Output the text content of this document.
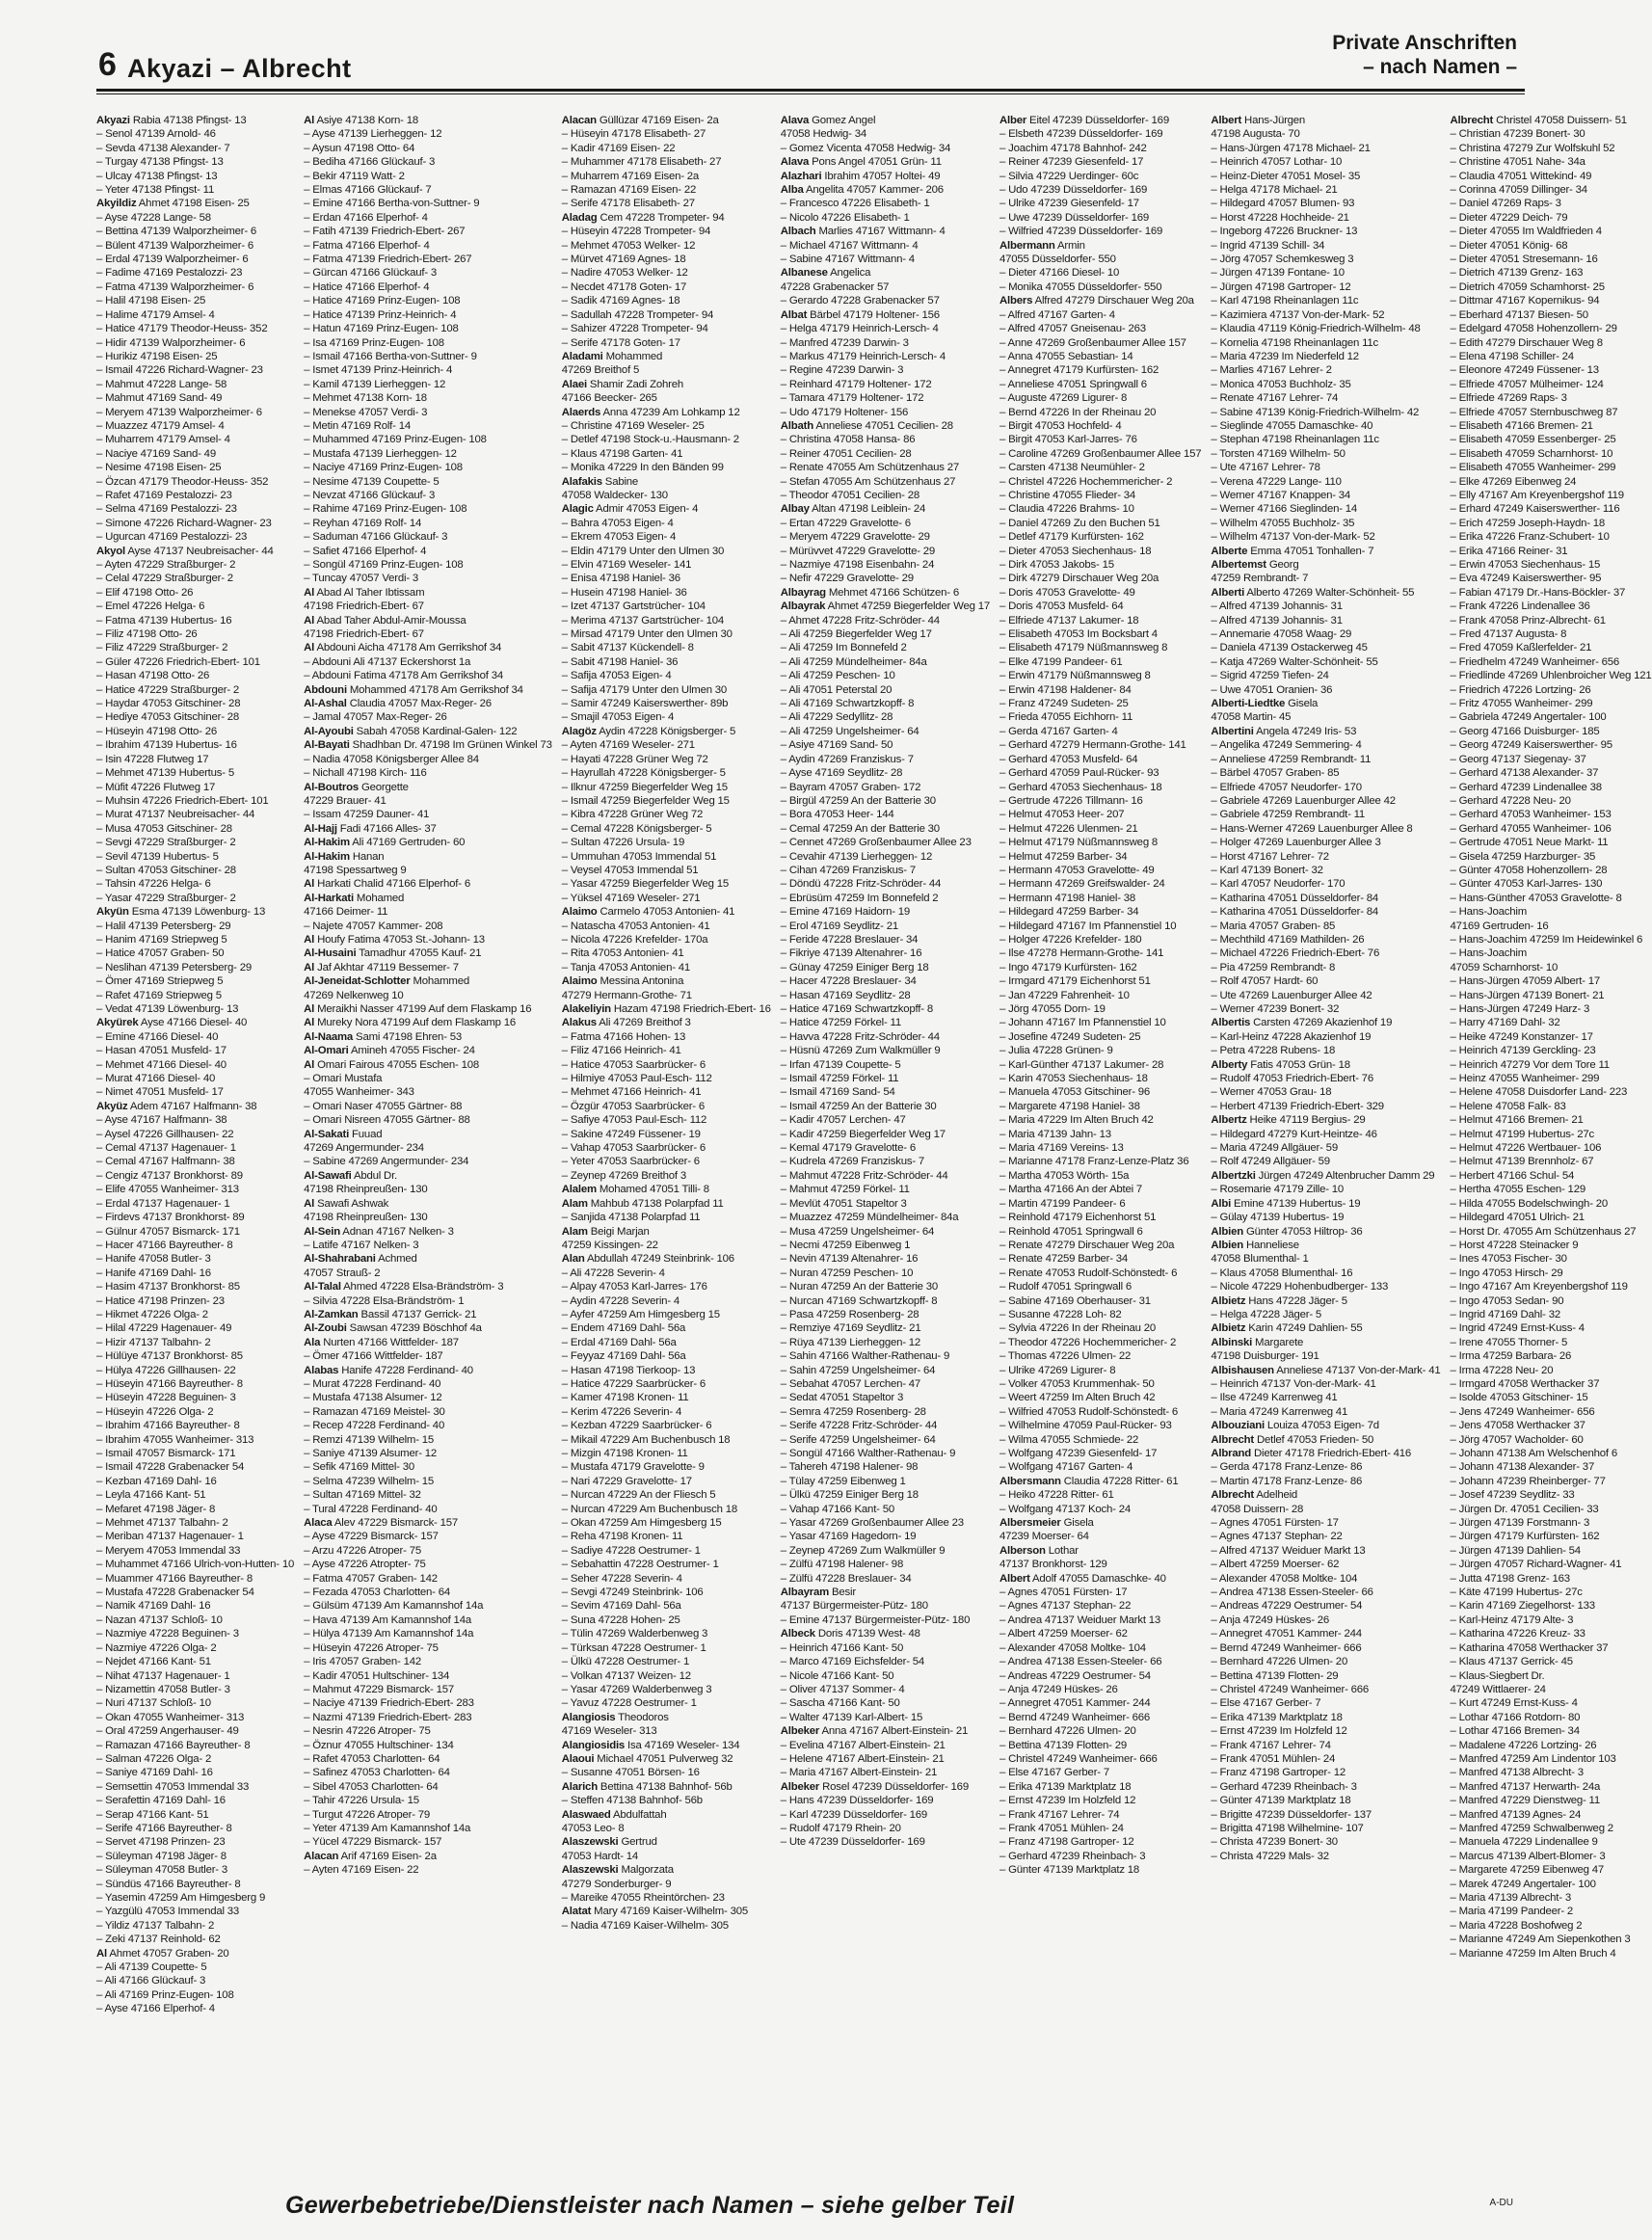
6 Akyazi – Albrecht
Private Anschriften
– nach Namen –
Akyazi Rabia 47138 Pfingst- 13
– Senol 47139 Arnold- 46
– Sevda 47138 Alexander- 7
– Turgay 47138 Pfingst- 13
– Ulcay 47138 Pfingst- 13
– Yeter 47138 Pfingst- 11
Akyildiz Ahmet 47198 Eisen- 25
– Ayse 47228 Lange- 58
– Bettina 47139 Walporzheimer- 6
– Bülent 47139 Walporzheimer- 6
– Erdal 47139 Walporzheimer- 6
– Fadime 47169 Pestalozzi- 23
– Fatma 47139 Walporzheimer- 6
– Halil 47198 Eisen- 25
– Halime 47179 Amsel- 4
– Hatice 47179 Theodor-Heuss- 352
– Hidir 47139 Walporzheimer- 6
– Hurikiz 47198 Eisen- 25
– Ismail 47226 Richard-Wagner- 23
– Mahmut 47228 Lange- 58
– Mahmut 47169 Sand- 49
– Meryem 47139 Walporzheimer- 6
– Muazzez 47179 Amsel- 4
– Muharrem 47179 Amsel- 4
– Naciye 47169 Sand- 49
– Nesime 47198 Eisen- 25
– Özcan 47179 Theodor-Heuss- 352
– Rafet 47169 Pestalozzi- 23
– Selma 47169 Pestalozzi- 23
– Simone 47226 Richard-Wagner- 23
– Ugurcan 47169 Pestalozzi- 23
Akyol Ayse 47137 Neubreisacher- 44
– Ayten 47229 Straßburger- 2
– Celal 47229 Straßburger- 2
– Elif 47198 Otto- 26
– Emel 47226 Helga- 6
– Fatma 47139 Hubertus- 16
– Filiz 47198 Otto- 26
– Filiz 47229 Straßburger- 2
– Güler 47226 Friedrich-Ebert- 101
– Hasan 47198 Otto- 26
– Hatice 47229 Straßburger- 2
– Haydar 47053 Gitschiner- 28
– Hediye 47053 Gitschiner- 28
– Hüseyin 47198 Otto- 26
– Ibrahim 47139 Hubertus- 16
– Isin 47228 Flutweg 17
– Mehmet 47139 Hubertus- 5
– Müfit 47226 Flutweg 17
– Muhsin 47226 Friedrich-Ebert- 101
– Murat 47137 Neubreisacher- 44
– Musa 47053 Gitschiner- 28
– Sevgi 47229 Straßburger- 2
– Sevil 47139 Hubertus- 5
– Sultan 47053 Gitschiner- 28
– Tahsin 47226 Helga- 6
– Yasar 47229 Straßburger- 2
Akyün Esma 47139 Löwenburg- 13
– Halil 47139 Petersberg- 29
– Hanim 47169 Striepweg 5
– Hatice 47057 Graben- 50
– Neslihan 47139 Petersberg- 29
– Ömer 47169 Striepweg 5
– Rafet 47169 Striepweg 5
– Vedat 47139 Löwenburg- 13
Akyürek Ayse 47166 Diesel- 40
– Emine 47166 Diesel- 40
– Hasan 47051 Musfeld- 17
– Mehmet 47166 Diesel- 40
– Murat 47166 Diesel- 40
– Nimet 47051 Musfeld- 17
Akyüz Adem 47167 Halfmann- 38
– Ayse 47167 Halfmann- 38
– Aysel 47226 Gillhausen- 22
– Cemal 47137 Hagenauer- 1
– Cemal 47167 Halfmann- 38
– Cengiz 47137 Bronkhorst- 89
– Elife 47055 Wanheimer- 313
– Erdal 47137 Hagenauer- 1
– Firdevs 47137 Bronkhorst- 89
– Gülnur 47057 Bismarck- 171
– Hacer 47166 Bayreuther- 8
– Hanife 47058 Butler- 3
– Hanife 47169 Dahl- 16
– Hasim 47137 Bronkhorst- 85
– Hatice 47198 Prinzen- 23
– Hikmet 47226 Olga- 2
– Hilal 47229 Hagenauer- 49
– Hizir 47137 Talbahn- 2
– Hülüye 47137 Bronkhorst- 85
– Hülya 47226 Gillhausen- 22
– Hüseyin 47166 Bayreuther- 8
– Hüseyin 47228 Beguinen- 3
– Hüseyin 47226 Olga- 2
– Ibrahim 47166 Bayreuther- 8
– Ibrahim 47055 Wanheimer- 313
– Ismail 47057 Bismarck- 171
– Ismail 47228 Grabenacker 54
– Kezban 47169 Dahl- 16
– Leyla 47166 Kant- 51
– Mefaret 47198 Jäger- 8
– Mehmet 47137 Talbahn- 2
– Meriban 47137 Hagenauer- 1
– Meryem 47053 Immendal 33
– Muhammet 47166 Ulrich-von-Hutten- 10
– Muammer 47166 Bayreuther- 8
– Mustafa 47228 Grabenacker 54
– Namik 47169 Dahl- 16
– Nazan 47137 Schloß- 10
– Nazmiye 47228 Beguinen- 3
– Nazmiye 47226 Olga- 2
– Nejdet 47166 Kant- 51
– Nihat 47137 Hagenauer- 1
– Nizamettin 47058 Butler- 3
– Nuri 47137 Schloß- 10
– Okan 47055 Wanheimer- 313
– Oral 47259 Angerhauser- 49
– Ramazan 47166 Bayreuther- 8
– Salman 47226 Olga- 2
– Saniye 47169 Dahl- 16
– Semsettin 47053 Immendal 33
– Serafettin 47169 Dahl- 16
– Serap 47166 Kant- 51
– Serife 47166 Bayreuther- 8
– Servet 47198 Prinzen- 23
– Süleyman 47198 Jäger- 8
– Süleyman 47058 Butler- 3
– Sündüs 47166 Bayreuther- 8
– Yasemin 47259 Am Himgesberg 9
– Yazgülü 47053 Immendal 33
– Yildiz 47137 Talbahn- 2
– Zeki 47137 Reinhold- 62
Al Ahmet 47057 Graben- 20
– Ali 47139 Coupette- 5
– Ali 47166 Glückauf- 3
– Ali 47169 Prinz-Eugen- 108
– Ayse 47166 Elperhof- 4
Al Asiye 47138 Korn- 18
– Ayse 47139 Lierheggen- 12
– Aysun 47198 Otto- 64
– Bediha 47166 Glückauf- 3
– Bekir 47119 Watt- 2
– Elmas 47166 Glückauf- 7
– Emine 47166 Bertha-von-Suttner- 9
– Erdan 47166 Elperhof- 4
– Fatih 47139 Friedrich-Ebert- 267
– Fatma 47166 Elperhof- 4
– Fatma 47139 Friedrich-Ebert- 267
– Gürcan 47166 Glückauf- 3
– Hatice 47166 Elperhof- 4
– Hatice 47169 Prinz-Eugen- 108
– Hatice 47139 Prinz-Heinrich- 4
– Hatun 47169 Prinz-Eugen- 108
– Isa 47169 Prinz-Eugen- 108
– Ismail 47166 Bertha-von-Suttner- 9
– Ismet 47139 Prinz-Heinrich- 4
– Kamil 47139 Lierheggen- 12
– Mehmet 47138 Korn- 18
– Menekse 47057 Verdi- 3
– Metin 47169 Rolf- 14
– Muhammed 47169 Prinz-Eugen- 108
– Mustafa 47139 Lierheggen- 12
– Naciye 47169 Prinz-Eugen- 108
– Nesime 47139 Coupette- 5
– Nevzat 47166 Glückauf- 3
– Rahime 47169 Prinz-Eugen- 108
– Reyhan 47169 Rolf- 14
– Saduman 47166 Glückauf- 3
– Safiet 47166 Elperhof- 4
– Songül 47169 Prinz-Eugen- 108
– Tuncay 47057 Verdi- 3
Al Abad Al Taher Ibtissam
47198 Friedrich-Ebert- 67
Al Abad Taher Abdul-Amir-Moussa
47198 Friedrich-Ebert- 67
Al Abdouni Aicha 47178 Am Gerrikshof 34
– Abdouni Ali 47137 Eckershorst 1a
– Abdouni Fatima 47178 Am Gerrikshof 34
Abdouni Mohammed 47178 Am Gerrikshof 34
Al-Ashal Claudia 47057 Max-Reger- 26
– Jamal 47057 Max-Reger- 26
Al-Ayoubi Sabah 47058 Kardinal-Galen- 122
Al-Bayati Shadhban Dr. 47198 Im Grünen Winkel 73
– Nadia 47058 Königsberger Allee 84
– Nichall 47198 Kirch- 116
Al-Boutros Georgette
47229 Brauer- 41
– Issam 47259 Dauner- 41
Al-Hajj Fadi 47166 Alles- 37
Al-Hakim Ali 47169 Gertruden- 60
Al-Hakim Hanan
47198 Spessartweg 9
Al Harkati Chalid 47166 Elperhof- 6
Al-Harkati Mohamed
47166 Deimer- 11
– Najete 47057 Kammer- 208
Al Houfy Fatima 47053 St.-Johann- 13
Al-Husaini Tamadhur 47055 Kauf- 21
Al Jaf Akhtar 47119 Bessemer- 7
Al-Jeneidat-Schlotter Mohammed
47269 Nelkenweg 10
Al Meraikhi Nasser 47199 Auf dem Flaskamp 16
Al Mureky Nora 47199 Auf dem Flaskamp 16
Al-Naama Sami 47198 Ehren- 53
Al-Omari Amineh 47055 Fischer- 24
Al Omari Fairous 47055 Eschen- 108
– Omari Mustafa
47055 Wanheimer- 343
– Omari Naser 47055 Gärtner- 88
– Omari Nisreen 47055 Gärtner- 88
Al-Sakati Fuuad
47269 Angermunder- 234
– Sabine 47269 Angermunder- 234
Al-Sawafi Abdul Dr.
47198 Rheinpreußen- 130
Al Sawafi Ashwak
47198 Rheinpreußen- 130
Al-Sein Adnan 47167 Nelken- 3
– Latife 47167 Nelken- 3
Al-Shahrabani Achmed
47057 Strauß- 2
Al-Talal Ahmed 47228 Elsa-Brändström- 3
– Silvia 47228 Elsa-Brändström- 1
Al-Zamkan Bassil 47137 Gerrick- 21
Al-Zoubi Sawsan 47239 Böschhof 4a
Ala Nurten 47166 Wittfelder- 187
– Ömer 47166 Wittfelder- 187
Alabas Hanife 47228 Ferdinand- 40
– Murat 47228 Ferdinand- 40
– Mustafa 47138 Alsumer- 12
– Ramazan 47169 Meistel- 30
– Recep 47228 Ferdinand- 40
– Remzi 47139 Wilhelm- 15
– Saniye 47139 Alsumer- 12
– Sefik 47169 Mittel- 30
– Selma 47239 Wilhelm- 15
– Sultan 47169 Mittel- 32
– Tural 47228 Ferdinand- 40
Alaca Alev 47229 Bismarck- 157
– Ayse 47229 Bismarck- 157
– Arzu 47226 Atroper- 75
– Ayse 47226 Atropter- 75
– Fatma 47057 Graben- 142
– Fezada 47053 Charlotten- 64
– Gülsüm 47139 Am Kamannshof 14a
– Hava 47139 Am Kamannshof 14a
– Hülya 47139 Am Kamannshof 14a
– Hüseyin 47226 Atroper- 75
– Iris 47057 Graben- 142
– Kadir 47051 Hultschiner- 134
– Mahmut 47229 Bismarck- 157
– Naciye 47139 Friedrich-Ebert- 283
– Nazmi 47139 Friedrich-Ebert- 283
– Nesrin 47226 Atroper- 75
– Öznur 47055 Hultschiner- 134
– Rafet 47053 Charlotten- 64
– Safinez 47053 Charlotten- 64
– Sibel 47053 Charlotten- 64
– Tahir 47226 Ursula- 15
– Turgut 47226 Atroper- 79
– Yeter 47139 Am Kamannshof 14a
– Yücel 47229 Bismarck- 157
Alacan Arif 47169 Eisen- 2a
– Ayten 47169 Eisen- 22
Alacan Güllüzar 47169 Eisen- 2a
– Hüseyin 47178 Elisabeth- 27
– Kadir 47169 Eisen- 22
– Muhammer 47178 Elisabeth- 27
– Muharrem 47169 Eisen- 2a
– Ramazan 47169 Eisen- 22
– Serife 47178 Elisabeth- 27
Aladag Cem 47228 Trompeter- 94
– Hüseyin 47228 Trompeter- 94
– Mehmet 47053 Welker- 12
– Mürvet 47169 Agnes- 18
– Nadire 47053 Welker- 12
– Necdet 47178 Goten- 17
– Sadik 47169 Agnes- 18
– Sadullah 47228 Trompeter- 94
– Sahizer 47228 Trompeter- 94
– Serife 47178 Goten- 17
Aladami Mohammed
47269 Breithof 5
Alaei Shamir Zadi Zohreh
47166 Beecker- 265
Alaerds Anna 47239 Am Lohkamp 12
– Christine 47169 Weseler- 25
– Detlef 47198 Stock-u.-Hausmann- 2
– Klaus 47198 Garten- 41
– Monika 47229 In den Bänden 99
Alafakis Sabine
47058 Waldecker- 130
Alagic Admir 47053 Eigen- 4
– Bahra 47053 Eigen- 4
– Ekrem 47053 Eigen- 4
– Eldin 47179 Unter den Ulmen 30
– Elvin 47169 Weseler- 141
– Enisa 47198 Haniel- 36
– Husein 47198 Haniel- 36
– Izet 47137 Gartstrücher- 104
– Merima 47137 Gartstrücher- 104
– Mirsad 47179 Unter den Ulmen 30
– Sabit 47137 Kückendell- 8
– Sabit 47198 Haniel- 36
– Safija 47053 Eigen- 4
– Safija 47179 Unter den Ulmen 30
– Samir 47249 Kaiserswerther- 89b
– Smajil 47053 Eigen- 4
Alagöz Aydin 47228 Königsberger- 5
– Ayten 47169 Weseler- 271
– Hayati 47228 Grüner Weg 72
– Hayrullah 47228 Königsberger- 5
– Ilknur 47259 Biegerfelder Weg 15
– Ismail 47259 Biegerfelder Weg 15
– Kibra 47228 Grüner Weg 72
– Cemal 47228 Königsberger- 5
– Sultan 47226 Ursula- 19
– Ummuhan 47053 Immendal 51
– Veysel 47053 Immendal 51
– Yasar 47259 Biegerfelder Weg 15
– Yüksel 47169 Weseler- 271
Alaimo Carmelo 47053 Antonien- 41
– Natascha 47053 Antonien- 41
– Nicola 47226 Krefelder- 170a
– Rita 47053 Antonien- 41
– Tanja 47053 Antonien- 41
Alaimo Messina Antonina
47279 Hermann-Grothe- 71
Alakeliyin Hazam 47198 Friedrich-Ebert- 16
Alakus Ali 47269 Breithof 3
– Fatma 47166 Hohen- 13
– Filiz 47166 Heinrich- 41
– Hatice 47053 Saarbrücker- 6
– Hilmiye 47053 Paul-Esch- 112
– Mehmet 47166 Heinrich- 41
– Özgür 47053 Saarbrücker- 6
– Safiye 47053 Paul-Esch- 112
– Sakine 47249 Füssener- 19
– Vahap 47053 Saarbrücker- 6
– Yeter 47053 Saarbrücker- 6
– Zeynep 47269 Breithof 3
Alalem Mohamed 47051 Tilli- 8
Alam Mahbub 47138 Polarpfad 11
– Sanjida 47138 Polarpfad 11
Alam Beigi Marjan
47259 Kissingen- 22
Alan Abdullah 47249 Steinbrink- 106
– Ali 47228 Severin- 4
– Alpay 47053 Karl-Jarres- 176
– Aydin 47228 Severin- 4
– Ayfer 47259 Am Himgesberg 15
– Endem 47169 Dahl- 56a
– Erdal 47169 Dahl- 56a
– Feyyaz 47169 Dahl- 56a
– Hasan 47198 Tierkoop- 13
– Hatice 47229 Saarbrücker- 6
– Kamer 47198 Kronen- 11
– Kerim 47226 Severin- 4
– Kezban 47229 Saarbrücker- 6
– Mikail 47229 Am Buchenbusch 18
– Mizgin 47198 Kronen- 11
– Mustafa 47179 Gravelotte- 9
– Nari 47229 Gravelotte- 17
– Nurcan 47229 An der Fliesch 5
– Nurcan 47229 Am Buchenbusch 18
– Okan 47259 Am Himgesberg 15
– Reha 47198 Kronen- 11
– Sadiye 47228 Oestrumer- 1
– Sebahattin 47228 Oestrumer- 1
– Seher 47228 Severin- 4
– Sevgi 47249 Steinbrink- 106
– Sevim 47169 Dahl- 56a
– Suna 47228 Hohen- 25
– Tülin 47269 Walderbenweg 3
– Türksan 47228 Oestrumer- 1
– Ülkü 47228 Oestrumer- 1
– Volkan 47137 Weizen- 12
– Yasar 47269 Walderbenweg 3
– Yavuz 47228 Oestrumer- 1
Alangiosis Theodoros
47169 Weseler- 313
Alangiosidis Isa 47169 Weseler- 134
Alaoui Michael 47051 Pulverweg 32
– Susanne 47051 Börsen- 16
Alarich Bettina 47138 Bahnhof- 56b
– Steffen 47138 Bahnhof- 56b
Alaswaed Abdulfattah
47053 Leo- 8
Alaszewski Gertrud
47053 Hardt- 14
Alaszewski Malgorzata
47279 Sonderburger- 9
– Mareike 47055 Rheintörchen- 23
Alatat Mary 47169 Kaiser-Wilhelm- 305
– Nadia 47169 Kaiser-Wilhelm- 305
Alava Gomez Angel
47058 Hedwig- 34
– Gomez Vicenta 47058 Hedwig- 34
Alava Pons Angel 47051 Grün- 11
Alazhari Ibrahim 47057 Holtei- 49
Alba Angelita 47057 Kammer- 206
– Francesco 47226 Elisabeth- 1
– Nicolo 47226 Elisabeth- 1
Albach Marlies 47167 Wittmann- 4
– Michael 47167 Wittmann- 4
– Sabine 47167 Wittmann- 4
Albanese Angelica
47228 Grabenacker 57
– Gerardo 47228 Grabenacker 57
Albat Bärbel 47179 Holtener- 156
– Helga 47179 Heinrich-Lersch- 4
– Manfred 47239 Darwin- 3
– Markus 47179 Heinrich-Lersch- 4
– Regine 47239 Darwin- 3
– Reinhard 47179 Holtener- 172
– Tamara 47179 Holtener- 172
– Udo 47179 Holtener- 156
Albath Anneliese 47051 Cecilien- 28
– Christina 47058 Hansa- 86
– Reiner 47051 Cecilien- 28
– Renate 47055 Am Schützenhaus 27
– Stefan 47055 Am Schützenhaus 27
– Theodor 47051 Cecilien- 28
Albay Altan 47198 Leiblein- 24
– Ertan 47229 Gravelotte- 6
– Meryem 47229 Gravelotte- 29
– Mürüvvet 47229 Gravelotte- 29
– Nazmiye 47198 Eisenbahn- 24
– Nefir 47229 Gravelotte- 29
Albayrag Mehmet 47166 Schützen- 6
Albayrak Ahmet 47259 Biegerfelder Weg 17
– Ahmet 47228 Fritz-Schröder- 44
– Ali 47259 Biegerfelder Weg 17
– Ali 47259 Im Bonnefeld 2
– Ali 47259 Mündelheimer- 84a
– Ali 47259 Peschen- 10
– Ali 47051 Peterstal 20
– Ali 47169 Schwartzkopff- 8
– Ali 47229 Sedyllitz- 28
– Ali 47259 Ungelsheimer- 64
– Asiye 47169 Sand- 50
– Aydin 47269 Franziskus- 7
– Ayse 47169 Seydlitz- 28
– Bayram 47057 Graben- 172
– Birgül 47259 An der Batterie 30
– Bora 47053 Heer- 144
– Cemal 47259 An der Batterie 30
– Cennet 47269 Großenbaumer Allee 23
– Cevahir 47139 Lierheggen- 12
– Cihan 47269 Franziskus- 7
– Döndü 47228 Fritz-Schröder- 44
– Ebrüsüm 47259 Im Bonnefeld 2
– Emine 47169 Haidorn- 19
– Erol 47169 Seydlitz- 21
– Feride 47228 Breslauer- 34
– Fikriye 47139 Altenahrer- 16
– Günay 47259 Einiger Berg 18
– Hacer 47228 Breslauer- 34
– Hasan 47169 Seydlitz- 28
– Hatice 47169 Schwartzkopff- 8
– Hatice 47259 Förkel- 11
– Havva 47228 Fritz-Schröder- 44
– Hüsnü 47269 Zum Walkmüller 9
– Irfan 47139 Coupette- 5
– Ismail 47259 Förkel- 11
– Ismail 47169 Sand- 54
– Ismail 47259 An der Batterie 30
– Kadir 47057 Lerchen- 47
– Kadir 47259 Biegerfelder Weg 17
– Kemal 47179 Gravelotte- 6
– Kudrela 47269 Franziskus- 7
– Mahmut 47228 Fritz-Schröder- 44
– Mahmut 47259 Förkel- 11
– Mevlüt 47051 Stapeltor 3
– Muazzez 47259 Mündelheimer- 84a
– Musa 47259 Ungelsheimer- 64
– Necmi 47259 Eibenweg 1
– Nevin 47139 Altenahrer- 16
– Nuran 47259 Peschen- 10
– Nuran 47259 An der Batterie 30
– Nurcan 47169 Schwartzkopff- 8
– Pasa 47259 Rosenberg- 28
– Remziye 47169 Seydlitz- 21
– Rüya 47139 Lierheggen- 12
– Sahin 47166 Walther-Rathenau- 9
– Sahin 47259 Ungelsheimer- 64
– Sebahat 47057 Lerchen- 47
– Sedat 47051 Stapeltor 3
– Semra 47259 Rosenberg- 28
– Serife 47228 Fritz-Schröder- 44
– Serife 47259 Ungelsheimer- 64
– Songül 47166 Walther-Rathenau- 9
– Tahereh 47198 Halener- 98
– Tülay 47259 Eibenweg 1
– Ülkü 47259 Einiger Berg 18
– Vahap 47166 Kant- 50
– Yasar 47269 Großenbaumer Allee 23
– Yasar 47169 Hagedorn- 19
– Zeynep 47269 Zum Walkmüller 9
– Zülfü 47198 Halener- 98
– Zülfü 47228 Breslauer- 34
Albayram Besir
47137 Bürgermeister-Pütz- 180
– Emine 47137 Bürgermeister-Pütz- 180
Albeck Doris 47139 West- 48
– Heinrich 47166 Kant- 50
– Marco 47169 Eichsfelder- 54
– Nicole 47166 Kant- 50
– Oliver 47137 Sommer- 4
– Sascha 47166 Kant- 50
– Walter 47139 Karl-Albert- 15
Albeker Anna 47167 Albert-Einstein- 21
– Evelina 47167 Albert-Einstein- 21
– Helene 47167 Albert-Einstein- 21
– Maria 47167 Albert-Einstein- 21
Albeker Rosel 47239 Düsseldorfer- 169
– Hans 47239 Düsseldorfer- 169
– Karl 47239 Düsseldorfer- 169
– Rudolf 47179 Rhein- 20
– Ute 47239 Düsseldorfer- 169
Alber Eitel 47239 Düsseldorfer- 169
– Elsbeth 47239 Düsseldorfer- 169
– Joachim 47178 Bahnhof- 242
– Reiner 47239 Giesenfeld- 17
– Silvia 47229 Uerdinger- 60c
– Udo 47239 Düsseldorfer- 169
– Ulrike 47239 Giesenfeld- 17
– Uwe 47239 Düsseldorfer- 169
– Wilfried 47239 Düsseldorfer- 169
Albermann Armin
47055 Düsseldorfer- 550
– Dieter 47166 Diesel- 10
– Monika 47055 Düsseldorfer- 550
Albers Alfred 47279 Dirschauer Weg 20a
– Alfred 47167 Garten- 4
– Alfred 47057 Gneisenau- 263
– Anne 47269 Großenbaumer Allee 157
– Anna 47055 Sebastian- 14
– Annegret 47179 Kurfürsten- 162
– Anneliese 47051 Springwall 6
– Auguste 47269 Ligurer- 8
– Bernd 47226 In der Rheinau 20
– Birgit 47053 Hochfeld- 4
– Birgit 47053 Karl-Jarres- 76
– Caroline 47269 Großenbaumer Allee 157
– Carsten 47138 Neumühler- 2
– Christel 47226 Hochemmericher- 2
– Christine 47055 Flieder- 34
– Claudia 47226 Brahms- 10
– Daniel 47269 Zu den Buchen 51
– Detlef 47179 Kurfürsten- 162
– Dieter 47053 Siechenhaus- 18
– Dirk 47053 Jakobs- 15
– Dirk 47279 Dirschauer Weg 20a
– Doris 47053 Gravelotte- 49
– Doris 47053 Musfeld- 64
– Elfriede 47137 Lakumer- 18
– Elisabeth 47053 Im Bocksbart 4
– Elisabeth 47179 Nüßmannsweg 8
– Elke 47199 Pandeer- 61
– Erwin 47179 Nüßmannsweg 8
– Erwin 47198 Haldener- 84
– Franz 47249 Sudeten- 25
– Frieda 47055 Eichhorn- 11
– Gerda 47167 Garten- 4
– Gerhard 47279 Hermann-Grothe- 141
– Gerhard 47053 Musfeld- 64
– Gerhard 47059 Paul-Rücker- 93
– Gerhard 47053 Siechenhaus- 18
– Gertrude 47226 Tillmann- 16
– Helmut 47053 Heer- 207
– Helmut 47226 Ulenmen- 21
– Helmut 47179 Nüßmannsweg 8
– Helmut 47259 Barber- 34
– Hermann 47053 Gravelotte- 49
– Hermann 47269 Greifswalder- 24
– Hermann 47198 Haniel- 38
– Hildegard 47259 Barber- 34
– Hildegard 47167 Im Pfannenstiel 10
– Holger 47226 Krefelder- 180
– Ilse 47278 Hermann-Grothe- 141
– Ingo 47179 Kurfürsten- 162
– Irmgard 47179 Eichenhorst 51
– Jan 47229 Fahrenheit- 10
– Jörg 47055 Dorn- 19
– Johann 47167 Im Pfannenstiel 10
– Josefine 47249 Sudeten- 25
– Julia 47228 Grünen- 9
– Karl-Günther 47137 Lakumer- 28
– Karin 47053 Siechenhaus- 18
– Manuela 47053 Gitschiner- 96
– Margarete 47198 Haniel- 38
– Maria 47229 Im Alten Bruch 42
– Maria 47139 Jahn- 13
– Maria 47169 Vereins- 13
– Marianne 47178 Franz-Lenze-Platz 36
– Martha 47053 Wörth- 15a
– Martha 47166 An der Abtei 7
– Martin 47199 Pandeer- 6
– Reinhold 47179 Eichenhorst 51
– Reinhold 47051 Springwall 6
– Renate 47279 Dirschauer Weg 20a
– Renate 47259 Barber- 34
– Renate 47053 Rudolf-Schönstedt- 6
– Rudolf 47051 Springwall 6
– Sabine 47169 Oberhauser- 31
– Susanne 47228 Loh- 82
– Sylvia 47226 In der Rheinau 20
– Theodor 47226 Hochemmericher- 2
– Thomas 47226 Ulmen- 22
– Ulrike 47269 Ligurer- 8
– Volker 47053 Krummenhak- 50
– Weert 47259 Im Alten Bruch 42
– Wilfried 47053 Rudolf-Schönstedt- 6
– Wilhelmine 47059 Paul-Rücker- 93
– Wilma 47055 Schmiede- 22
– Wolfgang 47239 Giesenfeld- 17
– Wolfgang 47167 Garten- 4
Albersmann Claudia 47228 Ritter- 61
– Heiko 47228 Ritter- 61
– Wolfgang 47137 Koch- 24
Albersmeier Gisela
47239 Moerser- 64
Alberson Lothar
47137 Bronkhorst- 129
Albert Adolf 47055 Damaschke- 40
– Agnes 47051 Fürsten- 17
– Agnes 47137 Stephan- 22
– Andrea 47137 Weiduer Markt 13
– Albert 47259 Moerser- 62
– Alexander 47058 Moltke- 104
– Andrea 47138 Essen-Steeler- 66
– Andreas 47229 Oestrumer- 54
– Anja 47249 Hüskes- 26
– Annegret 47051 Kammer- 244
– Bernd 47249 Wanheimer- 666
– Bernhard 47226 Ulmen- 20
– Bettina 47139 Flotten- 29
– Christel 47249 Wanheimer- 666
– Else 47167 Gerber- 7
– Erika 47139 Marktplatz 18
– Ernst 47239 Im Holzfeld 12
– Frank 47167 Lehrer- 74
– Frank 47051 Mühlen- 24
– Franz 47198 Gartroper- 12
– Gerhard 47239 Rheinbach- 3
– Günter 47139 Marktplatz 18
Albert Hans-Jürgen
47198 Augusta- 70
– Hans-Jürgen 47178 Michael- 21
– Heinrich 47057 Lothar- 10
– Heinz-Dieter 47051 Mosel- 35
– Helga 47178 Michael- 21
– Hildegard 47057 Blumen- 93
– Horst 47228 Hochheide- 21
– Ingeborg 47226 Bruckner- 13
– Ingrid 47139 Schill- 34
– Jörg 47057 Schemkesweg 3
– Jürgen 47139 Fontane- 10
– Jürgen 47198 Gartroper- 12
– Karl 47198 Rheinanlagen 11c
– Kazimiera 47137 Von-der-Mark- 52
– Klaudia 47119 König-Friedrich-Wilhelm- 48
– Kornelia 47198 Rheinanlagen 11c
– Maria 47239 Im Niederfeld 12
– Marlies 47167 Lehrer- 2
– Monica 47053 Buchholz- 35
– Renate 47167 Lehrer- 74
– Sabine 47139 König-Friedrich-Wilhelm- 42
– Sieglinde 47055 Damaschke- 40
– Stephan 47198 Rheinanlagen 11c
– Torsten 47169 Wilhelm- 50
– Ute 47167 Lehrer- 78
– Verena 47229 Lange- 110
– Werner 47167 Knappen- 34
– Werner 47166 Sieglinden- 14
– Wilhelm 47055 Buchholz- 35
– Wilhelm 47137 Von-der-Mark- 52
Alberte Emma 47051 Tonhallen- 7
Albertemst Georg
47259 Rembrandt- 7
Alberti Alberto 47269 Walter-Schönheit- 55
– Alfred 47139 Johannis- 31
– Alfred 47139 Johannis- 31
– Annemarie 47058 Waag- 29
– Daniela 47139 Ostackerweg 45
– Katja 47269 Walter-Schönheit- 55
– Sigrid 47259 Tiefen- 24
– Uwe 47051 Oranien- 36
Alberti-Liedtke Gisela
47058 Martin- 45
Albertini Angela 47249 Iris- 53
– Angelika 47249 Semmering- 4
– Anneliese 47259 Rembrandt- 11
– Bärbel 47057 Graben- 85
– Elfriede 47057 Neudorfer- 170
– Gabriele 47269 Lauenburger Allee 42
– Gabriele 47259 Rembrandt- 11
– Hans-Werner 47269 Lauenburger Allee 8
– Holger 47269 Lauenburger Allee 3
– Horst 47167 Lehrer- 72
– Karl 47139 Bonert- 32
– Karl 47057 Neudorfer- 170
– Katharina 47051 Düsseldorfer- 84
– Katharina 47051 Düsseldorfer- 84
– Maria 47057 Graben- 85
– Mechthild 47169 Mathilden- 26
– Michael 47226 Friedrich-Ebert- 76
– Pia 47259 Rembrandt- 8
– Rolf 47057 Hardt- 60
– Ute 47269 Lauenburger Allee 42
– Werner 47239 Bonert- 32
Albertis Carsten 47269 Akazienhof 19
– Karl-Heinz 47228 Akazienhof 19
– Petra 47228 Rubens- 18
Alberty Fatis 47053 Grün- 18
– Rudolf 47053 Friedrich-Ebert- 76
– Werner 47053 Grau- 18
– Herbert 47139 Friedrich-Ebert- 329
Albertz Heike 47119 Bergius- 29
– Hildegard 47279 Kurt-Heintze- 46
– Maria 47249 Allgäuer- 59
– Rolf 47249 Allgäuer- 59
Albertzki Jürgen 47249 Altenbrucher Damm 29
– Rosemarie 47179 Zille- 10
Albi Emine 47139 Hubertus- 19
– Gülay 47139 Hubertus- 19
Albien Günter 47053 Hiltrop- 36
Albien Hanneliese
47058 Blumenthal- 1
– Klaus 47058 Blumenthal- 16
– Nicole 47229 Hohenbudberger- 133
Albietz Hans 47228 Jäger- 5
– Helga 47228 Jäger- 5
Albietz Karin 47249 Dahlien- 55
Albinski Margarete
47198 Duisburger- 191
Albishausen Anneliese 47137 Von-der-Mark- 41
– Heinrich 47137 Von-der-Mark- 41
– Ilse 47249 Karrenweg 41
– Maria 47249 Karrenweg 41
Albouziani Louiza 47053 Eigen- 7d
Albrecht Detlef 47053 Frieden- 50
Albrand Dieter 47178 Friedrich-Ebert- 416
– Gerda 47178 Franz-Lenze- 86
– Martin 47178 Franz-Lenze- 86
Albrecht Adelheid
47058 Duissern- 28
– Agnes 47051 Fürsten- 17
– Agnes 47137 Stephan- 22
– Alfred 47137 Weiduer Markt 13
– Albert 47259 Moerser- 62
– Alexander 47058 Moltke- 104
– Andrea 47138 Essen-Steeler- 66
– Andreas 47229 Oestrumer- 54
– Anja 47249 Hüskes- 26
– Annegret 47051 Kammer- 244
– Bernd 47249 Wanheimer- 666
– Bernhard 47226 Ulmen- 20
– Bettina 47139 Flotten- 29
– Christel 47249 Wanheimer- 666
– Else 47167 Gerber- 7
– Erika 47139 Marktplatz 18
– Ernst 47239 Im Holzfeld 12
– Frank 47167 Lehrer- 74
– Frank 47051 Mühlen- 24
– Franz 47198 Gartroper- 12
– Gerhard 47239 Rheinbach- 3
– Günter 47139 Marktplatz 18
– Brigitte 47239 Düsseldorfer- 137
– Brigitta 47198 Wilhelmine- 107
– Christa 47239 Bonert- 30
– Christa 47229 Mals- 32
Albrecht Christel 47058 Duissern- 51
– Christian 47239 Bonert- 30
– Christina 47279 Zur Wolfskuhl 52
– Christine 47051 Nahe- 34a
– Claudia 47051 Wittekind- 49
– Corinna 47059 Dillinger- 34
– Daniel 47269 Raps- 3
– Dieter 47229 Deich- 79
– Dieter 47055 Im Waldfrieden 4
– Dieter 47051 König- 68
– Dieter 47051 Stresemann- 16
– Dietrich 47139 Grenz- 163
– Dietrich 47059 Schamhorst- 25
– Dittmar 47167 Kopernikus- 94
– Eberhard 47137 Biesen- 50
– Edelgard 47058 Hohenzollern- 29
– Edith 47279 Dirschauer Weg 8
– Elena 47198 Schiller- 24
– Eleonore 47249 Füssener- 13
– Elfriede 47057 Mülheimer- 124
– Elfriede 47269 Raps- 3
– Elfriede 47057 Sternbuschweg 87
– Elisabeth 47166 Bremen- 21
– Elisabeth 47059 Essenberger- 25
– Elisabeth 47059 Scharnhorst- 10
– Elisabeth 47055 Wanheimer- 299
– Elke 47269 Eibenweg 24
– Elly 47167 Am Kreyenbergshof 119
– Erhard 47249 Kaiserswerther- 116
– Erich 47259 Joseph-Haydn- 18
– Erika 47226 Franz-Schubert- 10
– Erika 47166 Reiner- 31
– Erwin 47053 Siechenhaus- 15
– Eva 47249 Kaiserswerther- 95
– Fabian 47179 Dr.-Hans-Böckler- 37
– Frank 47226 Lindenallee 36
– Frank 47058 Prinz-Albrecht- 61
– Fred 47137 Augusta- 8
– Fred 47059 Kaßlerfelder- 21
– Friedhelm 47249 Wanheimer- 656
– Friedlinde 47269 Uhlenbroicher Weg 121
– Friedrich 47226 Lortzing- 26
– Fritz 47055 Wanheimer- 299
– Gabriela 47249 Angertaler- 100
– Georg 47166 Duisburger- 185
– Georg 47249 Kaiserswerther- 95
– Georg 47137 Siegenay- 37
– Gerhard 47138 Alexander- 37
– Gerhard 47239 Lindenallee 38
– Gerhard 47228 Neu- 20
– Gerhard 47053 Wanheimer- 153
– Gerhard 47055 Wanheimer- 106
– Gertrude 47051 Neue Markt- 11
– Gisela 47259 Harzburger- 35
– Günter 47058 Hohenzollern- 28
– Günter 47053 Karl-Jarres- 130
– Hans-Günther 47053 Gravelotte- 8
– Hans-Joachim
47169 Gertruden- 16
– Hans-Joachim 47259 Im Heidewinkel 6
– Hans-Joachim
47059 Scharnhorst- 10
– Hans-Jürgen 47059 Albert- 17
– Hans-Jürgen 47139 Bonert- 21
– Hans-Jürgen 47249 Harz- 3
– Harry 47169 Dahl- 32
– Heike 47249 Konstanzer- 17
– Heinrich 47139 Gerckling- 23
– Heinrich 47279 Vor dem Tore 11
– Heinz 47055 Wanheimer- 299
– Helene 47058 Duisdorfer Land- 223
– Helene 47058 Falk- 83
– Helmut 47166 Bremen- 21
– Helmut 47199 Hubertus- 27c
– Helmut 47226 Wertbauer- 106
– Helmut 47139 Brennholz- 67
– Herbert 47166 Schul- 54
– Hertha 47055 Eschen- 129
– Hilda 47055 Bodelschwingh- 20
– Hildegard 47051 Ulrich- 21
– Horst Dr. 47055 Am Schützenhaus 27
– Horst 47228 Steinacker 9
– Ines 47053 Fischer- 30
– Ingo 47053 Hirsch- 29
– Ingo 47167 Am Kreyenbergshof 119
– Ingo 47053 Sedan- 90
– Ingrid 47169 Dahl- 32
– Ingrid 47249 Ernst-Kuss- 4
– Irene 47055 Thorner- 5
– Irma 47259 Barbara- 26
– Irma 47228 Neu- 20
– Irmgard 47058 Werthacker 37
– Isolde 47053 Gitschiner- 15
– Jens 47249 Wanheimer- 656
– Jens 47058 Werthacker 37
– Jörg 47057 Wacholder- 60
– Johann 47138 Am Welschenhof 6
– Johann 47138 Alexander- 37
– Johann 47239 Rheinberger- 77
– Josef 47239 Seydlitz- 33
– Jürgen Dr. 47051 Cecilien- 33
– Jürgen 47139 Forstmann- 3
– Jürgen 47179 Kurfürsten- 162
– Jürgen 47139 Dahlien- 54
– Jürgen 47057 Richard-Wagner- 41
– Jutta 47198 Grenz- 163
– Käte 47199 Hubertus- 27c
– Karin 47169 Ziegelhorst- 133
– Karl-Heinz 47179 Alte- 3
– Katharina 47226 Kreuz- 33
– Katharina 47058 Werthacker 37
– Klaus 47137 Gerrick- 45
– Klaus-Siegbert Dr.
47249 Wittlaerer- 24
– Kurt 47249 Ernst-Kuss- 4
– Lothar 47166 Rotdorn- 80
– Lothar 47166 Bremen- 34
– Madalene 47226 Lortzing- 26
– Manfred 47259 Am Lindentor 103
– Manfred 47138 Albrecht- 3
– Manfred 47137 Herwarth- 24a
– Manfred 47229 Dienstweg- 11
– Manfred 47139 Agnes- 24
– Manfred 47259 Schwalbenweg 2
– Manuela 47229 Lindenallee 9
– Marcus 47139 Albert-Blomer- 3
– Margarete 47259 Eibenweg 47
– Marek 47249 Angertaler- 100
– Maria 47139 Albrecht- 3
– Maria 47199 Pandeer- 2
– Maria 47228 Boshofweg 2
– Marianne 47249 Am Siepenkothen 3
– Marianne 47259 Im Alten Bruch 4
Gewerbebetriebe/Dienstleister nach Namen – siehe gelber Teil	A-DU
